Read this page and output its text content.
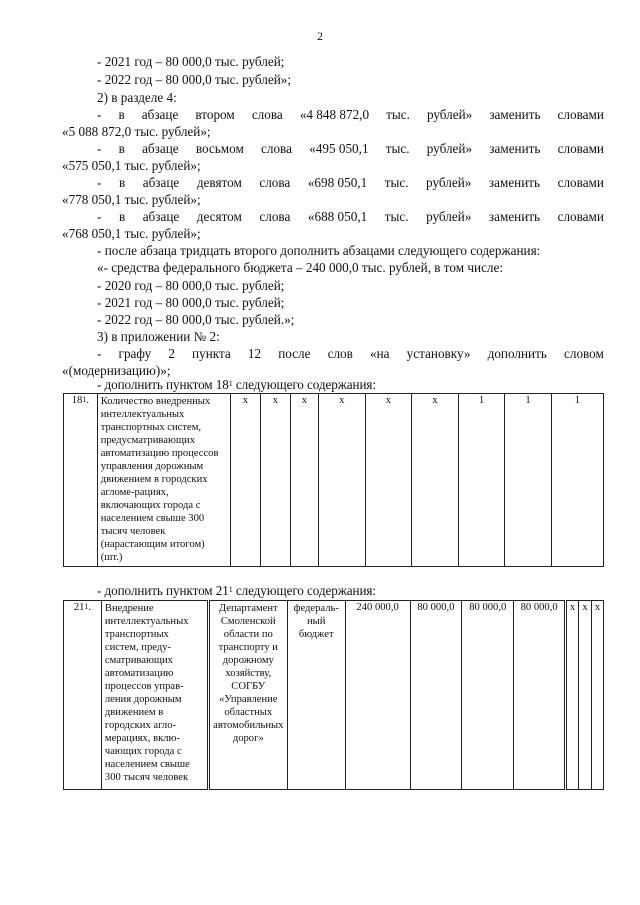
2
- 2021 год – 80 000,0 тыс. рублей;
- 2022 год – 80 000,0 тыс. рублей»;
2) в разделе 4:
- в абзаце втором слова «4 848 872,0 тыс. рублей» заменить словами
«5 088 872,0 тыс. рублей»;
- в абзаце восьмом слова «495 050,1 тыс. рублей» заменить словами
«575 050,1 тыс. рублей»;
- в абзаце девятом слова «698 050,1 тыс. рублей» заменить словами
«778 050,1 тыс. рублей»;
- в абзаце десятом слова «688 050,1 тыс. рублей» заменить словами
«768 050,1 тыс. рублей»;
- после абзаца тридцать второго дополнить абзацами следующего содержания:
«- средства федерального бюджета – 240 000,0 тыс. рублей, в том числе:
- 2020 год – 80 000,0 тыс. рублей;
- 2021 год – 80 000,0 тыс. рублей;
- 2022 год – 80 000,0 тыс. рублей.»;
3) в приложении № 2:
- графу 2 пункта 12 после слов «на установку» дополнить словом
«(модернизацию)»;
- дополнить пунктом $18^1$ следующего содержания:
$18^1$.	Количество внедренных интеллектуальных транспортных систем, предусматривающих автоматизацию процессов управления дорожным движением в городских агломе-рациях, включающих города с населением свыше 300 тысяч человек (нарастающим итогом) (шт.)	х	х	х	х	х	х	1	1	1
- дополнить пунктом $21^1$ следующего содержания:
$21^1$.	Внедрение интеллектуальных транспортных систем, преду-сматривающих автоматизацию процессов управ-ления дорожным движением в городских агло-мерациях, вклю-чающих города с населением свыше 300 тысяч человек	Департамент Смоленской области по транспорту и дорожному хозяйству, СОГБУ «Управление областных автомобильных дорог»	федераль-ный бюджет	240 000,0	80 000,0	80 000,0	80 000,0	х	х	х
